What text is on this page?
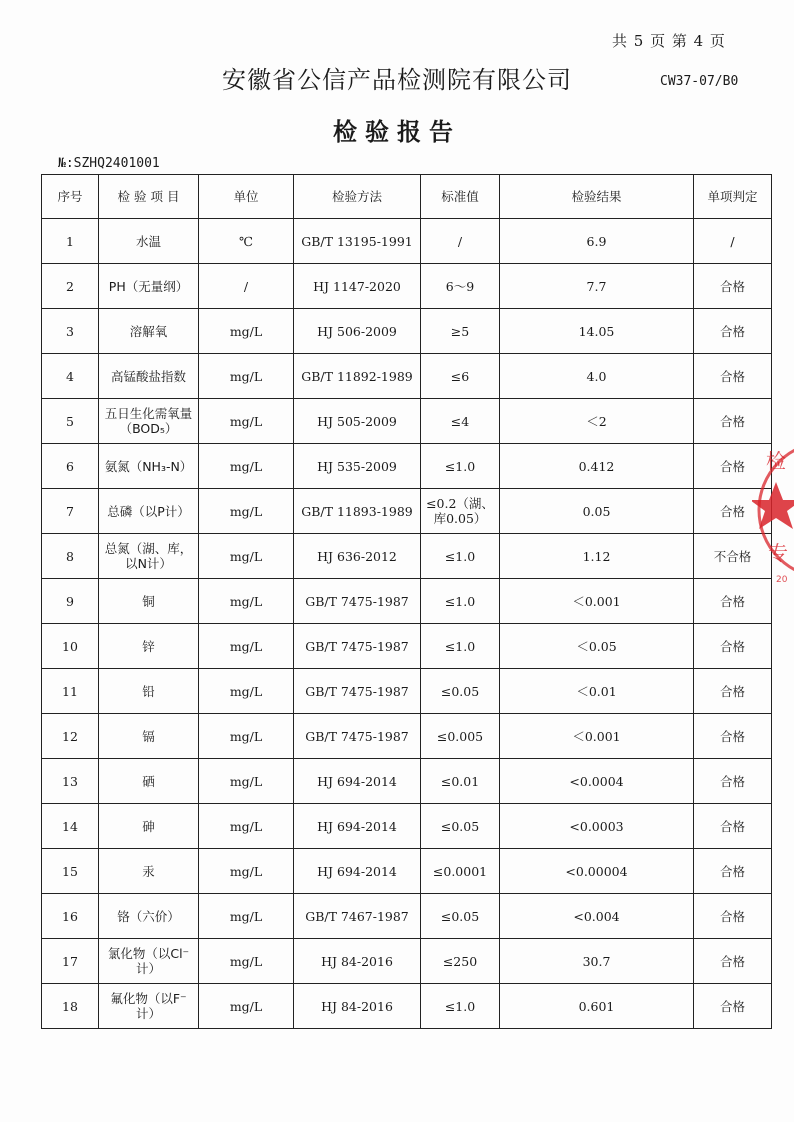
共 5 页 第 4 页
安徽省公信产品检测院有限公司	CW37-07/B0
检验报告
№:SZHQ2401001
序号	检 验 项 目	单位	检验方法	标准值	检验结果	单项判定
1	水温	℃	GB/T 13195-1991	/	6.9	/
2	PH（无量纲）	/	HJ 1147-2020	6～9	7.7	合格
3	溶解氧	mg/L	HJ 506-2009	≥5	14.05	合格
4	高锰酸盐指数	mg/L	GB/T 11892-1989	≤6	4.0	合格
5	五日生化需氧量（BOD₅）	mg/L	HJ 505-2009	≤4	＜2	合格
6	氨氮（NH₃-N）	mg/L	HJ 535-2009	≤1.0	0.412	合格
7	总磷（以P计）	mg/L	GB/T 11893-1989	≤0.2（湖、库0.05）	0.05	合格
8	总氮（湖、库，以N计）	mg/L	HJ 636-2012	≤1.0	1.12	不合格
9	铜	mg/L	GB/T 7475-1987	≤1.0	＜0.001	合格
10	锌	mg/L	GB/T 7475-1987	≤1.0	＜0.05	合格
11	铅	mg/L	GB/T 7475-1987	≤0.05	＜0.01	合格
12	镉	mg/L	GB/T 7475-1987	≤0.005	＜0.001	合格
13	硒	mg/L	HJ 694-2014	≤0.01	<0.0004	合格
14	砷	mg/L	HJ 694-2014	≤0.05	<0.0003	合格
15	汞	mg/L	HJ 694-2014	≤0.0001	<0.00004	合格
16	铬（六价）	mg/L	GB/T 7467-1987	≤0.05	<0.004	合格
17	氯化物（以Cl⁻计）	mg/L	HJ 84-2016	≤250	30.7	合格
18	氟化物（以F⁻计）	mg/L	HJ 84-2016	≤1.0	0.601	合格
检
专
20
